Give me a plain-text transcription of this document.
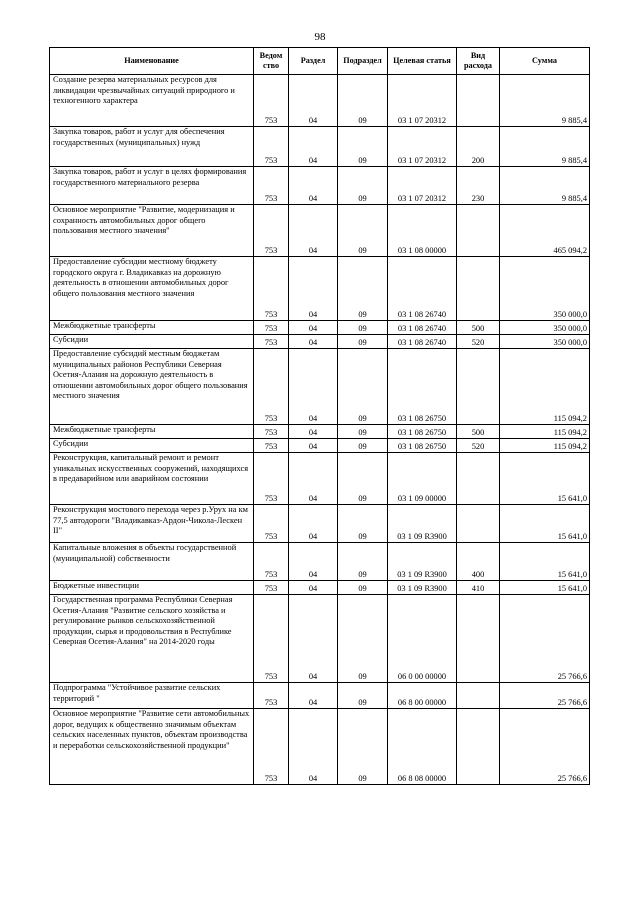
98
Наименование	Ведом ство	Раздел	Подраздел	Целевая статья	Вид расхода	Сумма
Создание резерва материальных ресурсов для ликвидации чрезвычайных ситуаций природного и техногенного характера	753	04	09	03 1 07 20312		9 885,4
Закупка товаров, работ и услуг для обеспечения государственных (муниципальных) нужд	753	04	09	03 1 07 20312	200	9 885,4
Закупка товаров, работ и услуг в целях формирования государственного материального резерва	753	04	09	03 1 07 20312	230	9 885,4
Основное мероприятие "Развитие, модернизация и сохранность автомобильных дорог общего пользования местного значения"	753	04	09	03 1 08 00000		465 094,2
Предоставление субсидии местному бюджету городского округа г. Владикавказ на дорожную деятельность в отношении автомобильных дорог общего пользования местного значения	753	04	09	03 1 08 26740		350 000,0
Межбюджетные трансферты	753	04	09	03 1 08 26740	500	350 000,0
Субсидии	753	04	09	03 1 08 26740	520	350 000,0
Предоставление субсидий местным бюджетам муниципальных районов Республики Северная Осетия-Алания на дорожную деятельность в отношении автомобильных дорог общего пользования местного значения	753	04	09	03 1 08 26750		115 094,2
Межбюджетные трансферты	753	04	09	03 1 08 26750	500	115 094,2
Субсидии	753	04	09	03 1 08 26750	520	115 094,2
Реконструкция, капитальный ремонт и ремонт уникальных искусственных сооружений, находящихся в предаварийном или аварийном состоянии	753	04	09	03 1 09 00000		15 641,0
Реконструкция мостового перехода через р.Урух на км 77,5 автодороги "Владикавказ-Ардон-Чикола-Лескен II"	753	04	09	03 1 09 R3900		15 641,0
Капитальные вложения в объекты государственной (муниципальной) собственности	753	04	09	03 1 09 R3900	400	15 641,0
Бюджетные инвестиции	753	04	09	03 1 09 R3900	410	15 641,0
Государственная программа Республики Северная Осетия-Алания "Развитие сельского хозяйства и регулирование рынков сельскохозяйственной продукции, сырья и продовольствия в Республике Северная Осетия-Алания" на 2014-2020 годы	753	04	09	06 0 00 00000		25 766,6
Подпрограмма "Устойчивое развитие сельских территорий "	753	04	09	06 8 00 00000		25 766,6
Основное мероприятие "Развитие сети автомобильных дорог, ведущих к общественно значимым объектам сельских населенных пунктов, объектам производства и переработки сельскохозяйственной продукции"	753	04	09	06 8 08 00000		25 766,6
